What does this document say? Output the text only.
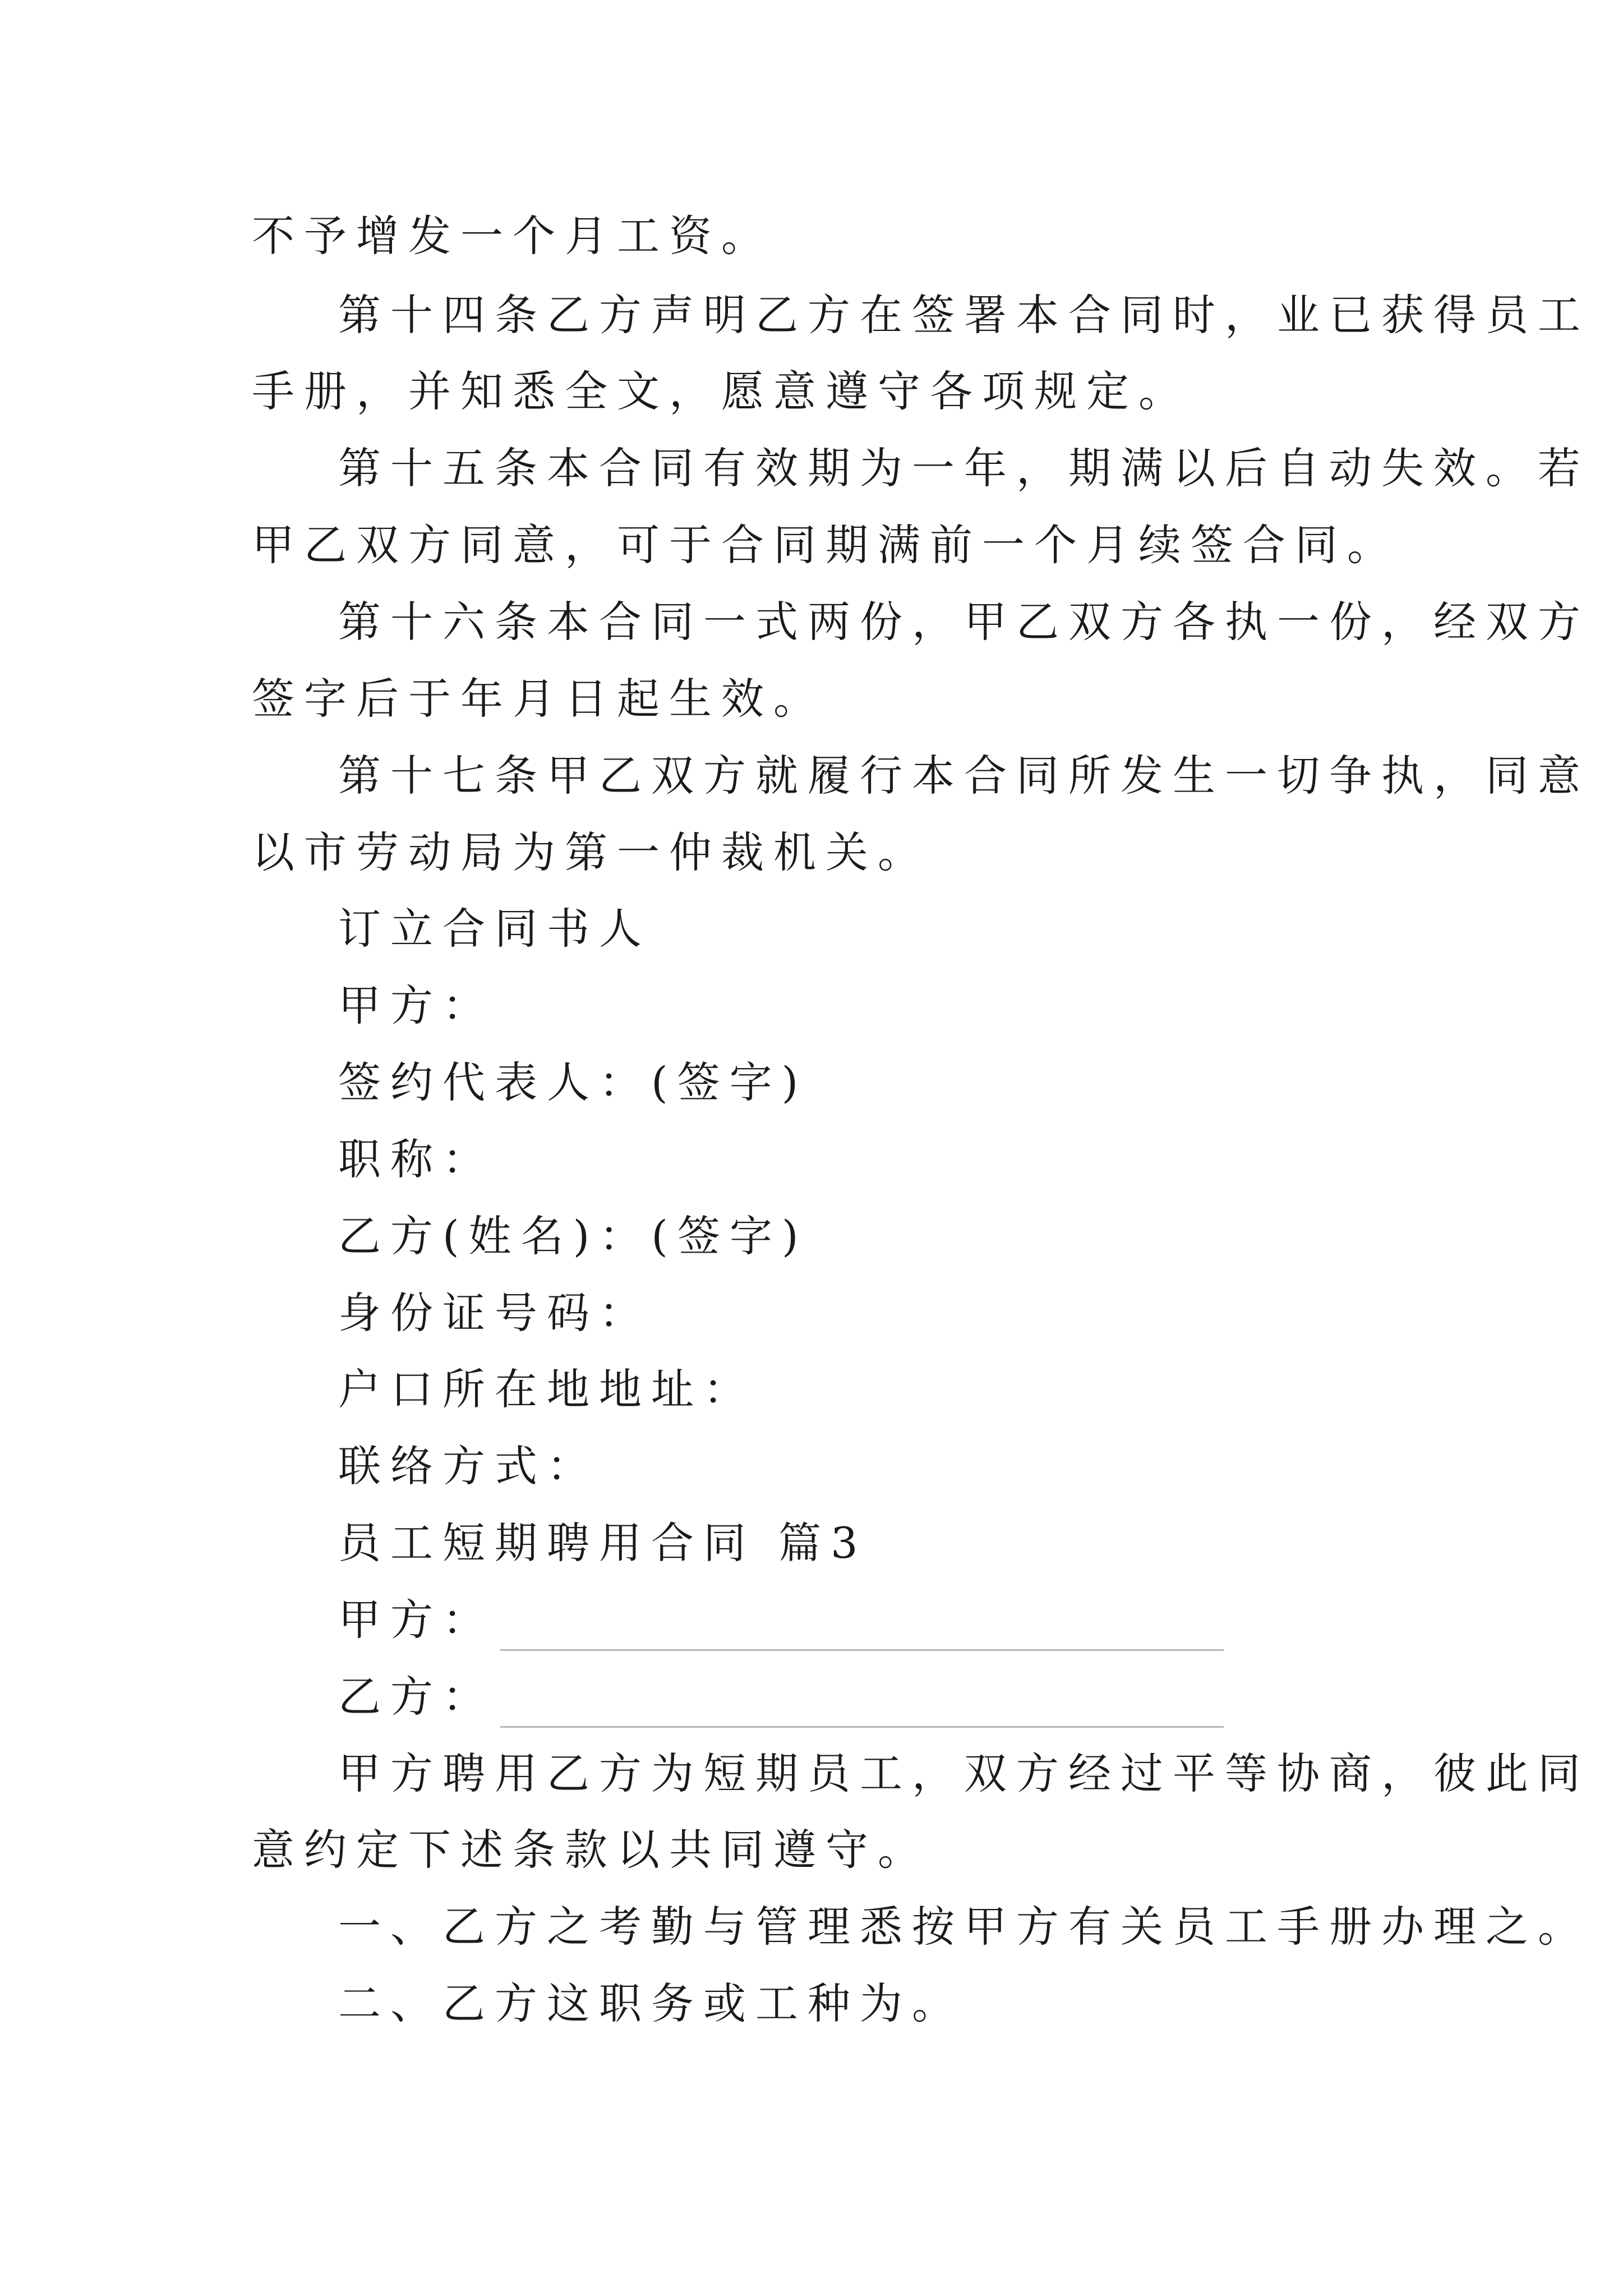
不予增发一个月工资。
第十四条乙方声明乙方在签署本合同时，业已获得员工
手册，并知悉全文，愿意遵守各项规定。
第十五条本合同有效期为一年，期满以后自动失效。若
甲乙双方同意，可于合同期满前一个月续签合同。
第十六条本合同一式两份，甲乙双方各执一份，经双方
签字后于年月日起生效。
第十七条甲乙双方就履行本合同所发生一切争执，同意
以市劳动局为第一仲裁机关。
订立合同书人
甲方：
签约代表人：(签字)
职称：
乙方(姓名)：(签字)
身份证号码：
户口所在地地址：
联络方式：
员工短期聘用合同 篇3
甲方：
乙方：
甲方聘用乙方为短期员工，双方经过平等协商，彼此同
意约定下述条款以共同遵守。
一、乙方之考勤与管理悉按甲方有关员工手册办理之。
二、乙方这职务或工种为。
